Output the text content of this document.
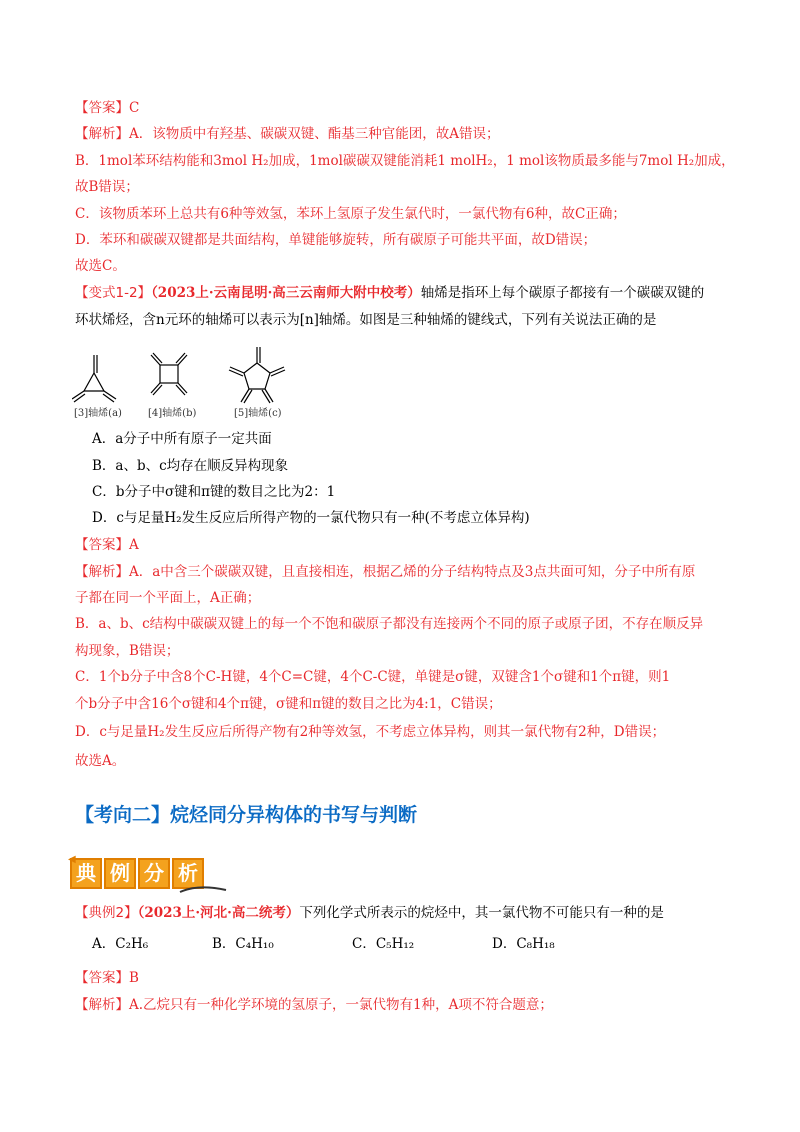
【答案】C
【解析】A．该物质中有羟基、碳碳双键、酯基三种官能团，故A错误；
B．1mol苯环结构能和3mol H₂加成，1mol碳碳双键能消耗1 molH₂，1 mol该物质最多能与7mol H₂加成，
故B错误；
C．该物质苯环上总共有6种等效氢，苯环上氢原子发生氯代时，一氯代物有6种，故C正确；
D．苯环和碳碳双键都是共面结构，单键能够旋转，所有碳原子可能共平面，故D错误；
故选C。
【变式1-2】（2023上·云南昆明·高三云南师大附中校考）轴烯是指环上每个碳原子都接有一个碳碳双键的
环状烯烃，含n元环的轴烯可以表示为[n]轴烯。如图是三种轴烯的键线式，下列有关说法正确的是
[3]轴烯(a)	[4]轴烯(b)	[5]轴烯(c)
A．a分子中所有原子一定共面
B．a、b、c均存在顺反异构现象
C．b分子中σ键和π键的数目之比为2：1
D．c与足量H₂发生反应后所得产物的一氯代物只有一种(不考虑立体异构)
【答案】A
【解析】A．a中含三个碳碳双键，且直接相连，根据乙烯的分子结构特点及3点共面可知，分子中所有原
子都在同一个平面上，A正确；
B．a、b、c结构中碳碳双键上的每一个不饱和碳原子都没有连接两个不同的原子或原子团，不存在顺反异
构现象，B错误；
C．1个b分子中含8个C-H键，4个C=C键，4个C-C键，单键是σ键，双键含1个σ键和1个π键，则1
个b分子中含16个σ键和4个π键，σ键和π键的数目之比为4:1，C错误；
D．c与足量H₂发生反应后所得产物有2种等效氢，不考虑立体异构，则其一氯代物有2种，D错误；
故选A。
【考向二】烷烃同分异构体的书写与判断
◀
典 例 分 析
【典例2】（2023上·河北·高二统考）下列化学式所表示的烷烃中，其一氯代物不可能只有一种的是
A．C₂H₆	B．C₄H₁₀	C．C₅H₁₂	D．C₈H₁₈
【答案】B
【解析】A.乙烷只有一种化学环境的氢原子，一氯代物有1种，A项不符合题意；
